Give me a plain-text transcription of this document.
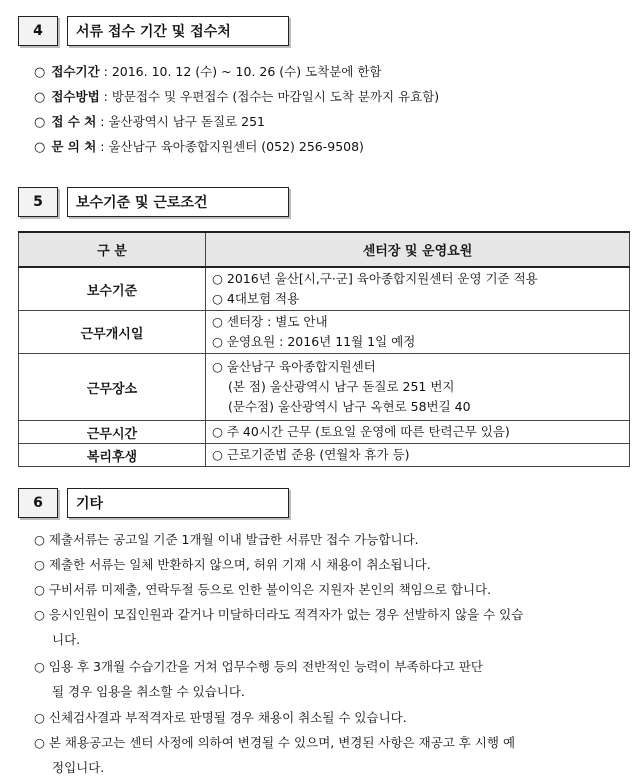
4	서류 접수 기간 및 접수처
○ 접수기간 : 2016. 10. 12 (수) ~ 10. 26 (수) 도착분에 한함
○ 접수방법 : 방문접수 및 우편접수 (접수는 마감일시 도착 분까지 유효함)
○ 접 수 처 : 울산광역시 남구 돋질로 251
○ 문 의 처 : 울산남구 육아종합지원센터 (052) 256-9508)
5	보수기준 및 근로조건
구 분	센터장 및 운영요원
보수기준	○ 2016년 울산[시,구·군] 육아종합지원센터 운영 기준 적용
○ 4대보험 적용

근무개시일	○ 센터장 : 별도 안내
○ 운영요원 : 2016년 11월 1일 예정

근무장소	○ 울산남구 육아종합지원센터
(본 점) 울산광역시 남구 돋질로 251 번지
(문수점) 울산광역시 남구 옥현로 58번길 40

근무시간	○ 주 40시간 근무 (토요일 운영에 따른 탄력근무 있음)

복리후생	○ 근로기준법 준용 (연월차 휴가 등)
6	기타
○ 제출서류는 공고일 기준 1개월 이내 발급한 서류만 접수 가능합니다.
○ 제출한 서류는 일체 반환하지 않으며, 허위 기재 시 채용이 취소됩니다.
○ 구비서류 미제출, 연락두절 등으로 인한 불이익은 지원자 본인의 책임으로 합니다.
○ 응시인원이 모집인원과 같거나 미달하더라도 적격자가 없는 경우 선발하지 않을 수 있습
니다.
○ 임용 후 3개월 수습기간을 거쳐 업무수행 등의 전반적인 능력이 부족하다고 판단
될 경우 임용을 취소할 수 있습니다.
○ 신체검사결과 부적격자로 판명될 경우 채용이 취소될 수 있습니다.
○ 본 채용공고는 센터 사정에 의하여 변경될 수 있으며, 변경된 사항은 재공고 후 시행 예
정입니다.
